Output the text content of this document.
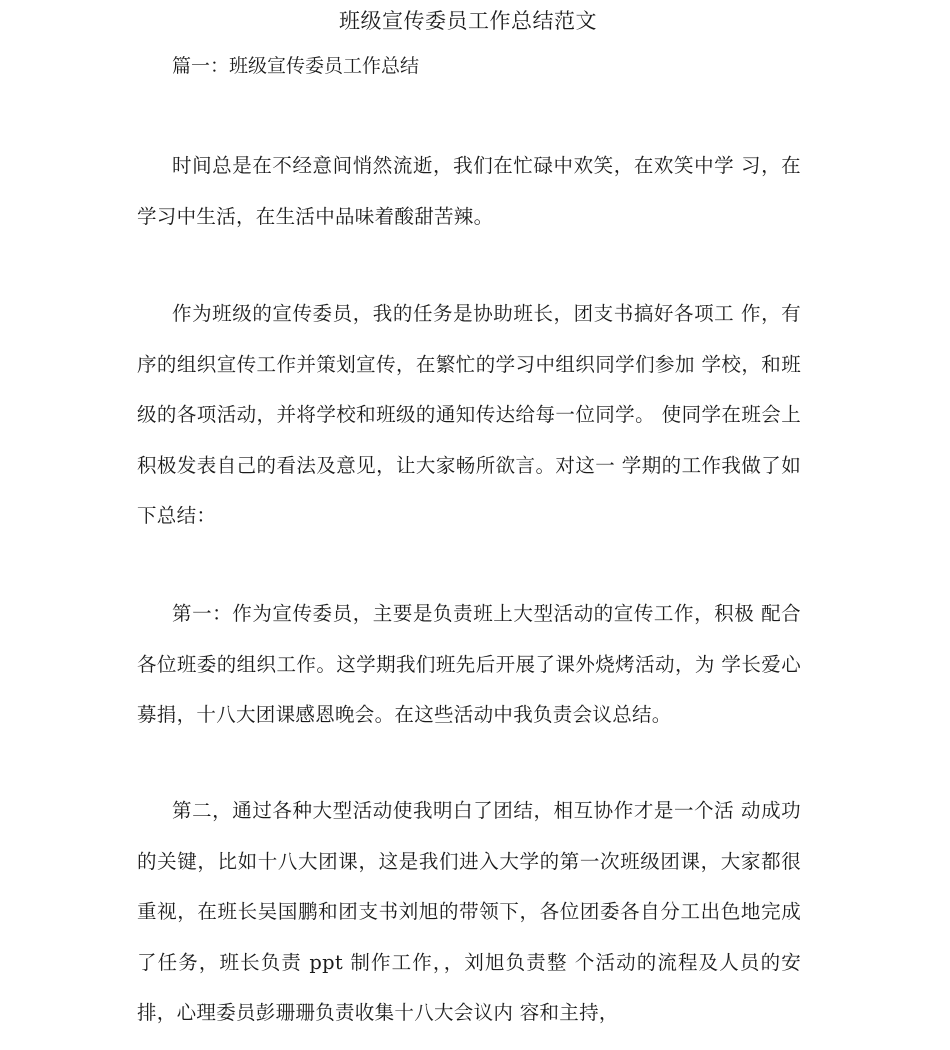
班级宣传委员工作总结范文
篇一：班级宣传委员工作总结

时间总是在不经意间悄然流逝，我们在忙碌中欢笑，在欢笑中学 习，在学习中生活，在生活中品味着酸甜苦辣。

作为班级的宣传委员，我的任务是协助班长，团支书搞好各项工 作，有序的组织宣传工作并策划宣传，在繁忙的学习中组织同学们参加 学校，和班级的各项活动，并将学校和班级的通知传达给每一位同学。 使同学在班会上积极发表自己的看法及意见，让大家畅所欲言。对这一 学期的工作我做了如下总结：

第一：作为宣传委员，主要是负责班上大型活动的宣传工作，积极 配合各位班委的组织工作。这学期我们班先后开展了课外烧烤活动，为 学长爱心募捐，十八大团课感恩晚会。在这些活动中我负责会议总结。

第二，通过各种大型活动使我明白了团结，相互协作才是一个活 动成功的关键，比如十八大团课，这是我们进入大学的第一次班级团课，大家都很重视，在班长吴国鹏和团支书刘旭的带领下，各位团委各自分工出色地完成了任务，班长负责 ppt 制作工作，，刘旭负责整 个活动的流程及人员的安排，心理委员彭珊珊负责收集十八大会议内 容和主持，
